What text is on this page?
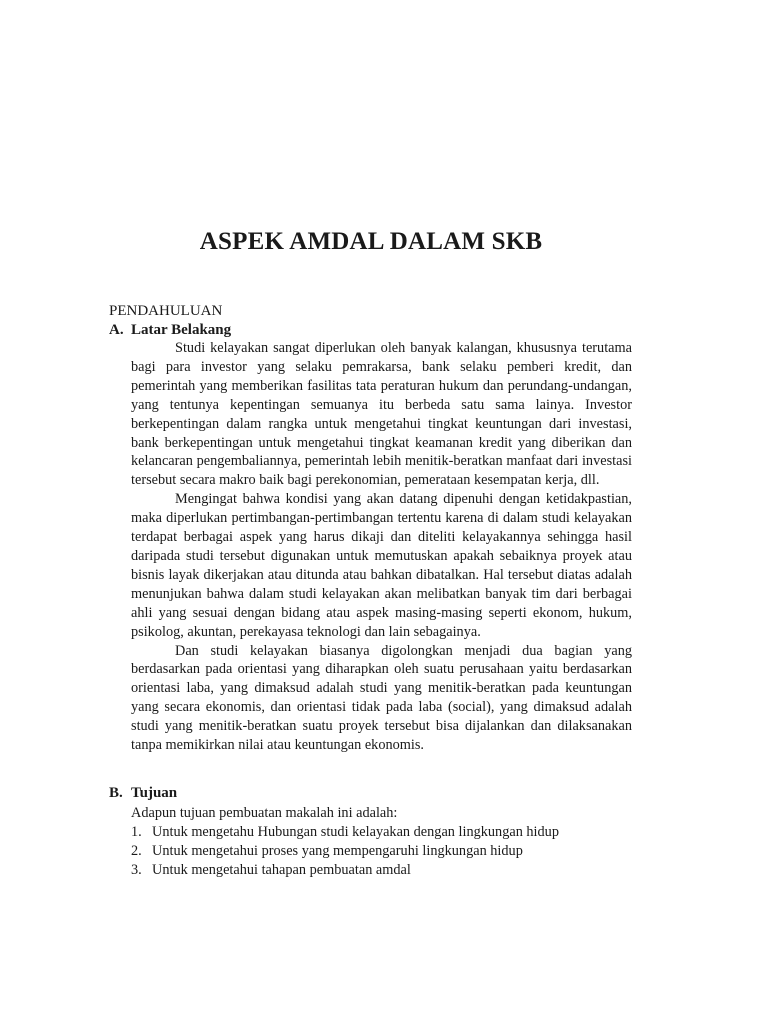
ASPEK AMDAL DALAM SKB

PENDAHULUAN

A. Latar Belakang

Studi kelayakan sangat diperlukan oleh banyak kalangan, khususnya terutama bagi para investor yang selaku pemrakarsa, bank selaku pemberi kredit, dan pemerintah yang memberikan fasilitas tata peraturan hukum dan perundang-undangan, yang tentunya kepentingan semuanya itu berbeda satu sama lainya. Investor berkepentingan dalam rangka untuk mengetahui tingkat keuntungan dari investasi, bank berkepentingan untuk mengetahui tingkat keamanan kredit yang diberikan dan kelancaran pengembaliannya, pemerintah lebih menitik-beratkan manfaat dari investasi tersebut secara makro baik bagi perekonomian, pemerataan kesempatan kerja, dll.

Mengingat bahwa kondisi yang akan datang dipenuhi dengan ketidakpastian, maka diperlukan pertimbangan-pertimbangan tertentu karena di dalam studi kelayakan terdapat berbagai aspek yang harus dikaji dan diteliti kelayakannya sehingga hasil daripada studi tersebut digunakan untuk memutuskan apakah sebaiknya proyek atau bisnis layak dikerjakan atau ditunda atau bahkan dibatalkan. Hal tersebut diatas adalah menunjukan bahwa dalam studi kelayakan akan melibatkan banyak tim dari berbagai ahli yang sesuai dengan bidang atau aspek masing-masing seperti ekonom, hukum, psikolog, akuntan, perekayasa teknologi dan lain sebagainya.

Dan studi kelayakan biasanya digolongkan menjadi dua bagian yang berdasarkan pada orientasi yang diharapkan oleh suatu perusahaan yaitu berdasarkan orientasi laba, yang dimaksud adalah studi yang menitik-beratkan pada keuntungan yang secara ekonomis, dan orientasi tidak pada laba (social), yang dimaksud adalah studi yang menitik-beratkan suatu proyek tersebut bisa dijalankan dan dilaksanakan tanpa memikirkan nilai atau keuntungan ekonomis.

B. Tujuan

Adapun tujuan pembuatan makalah ini adalah:

1. Untuk mengetahu Hubungan studi kelayakan dengan lingkungan hidup
2. Untuk mengetahui proses yang mempengaruhi lingkungan hidup
3. Untuk mengetahui tahapan pembuatan amdal
